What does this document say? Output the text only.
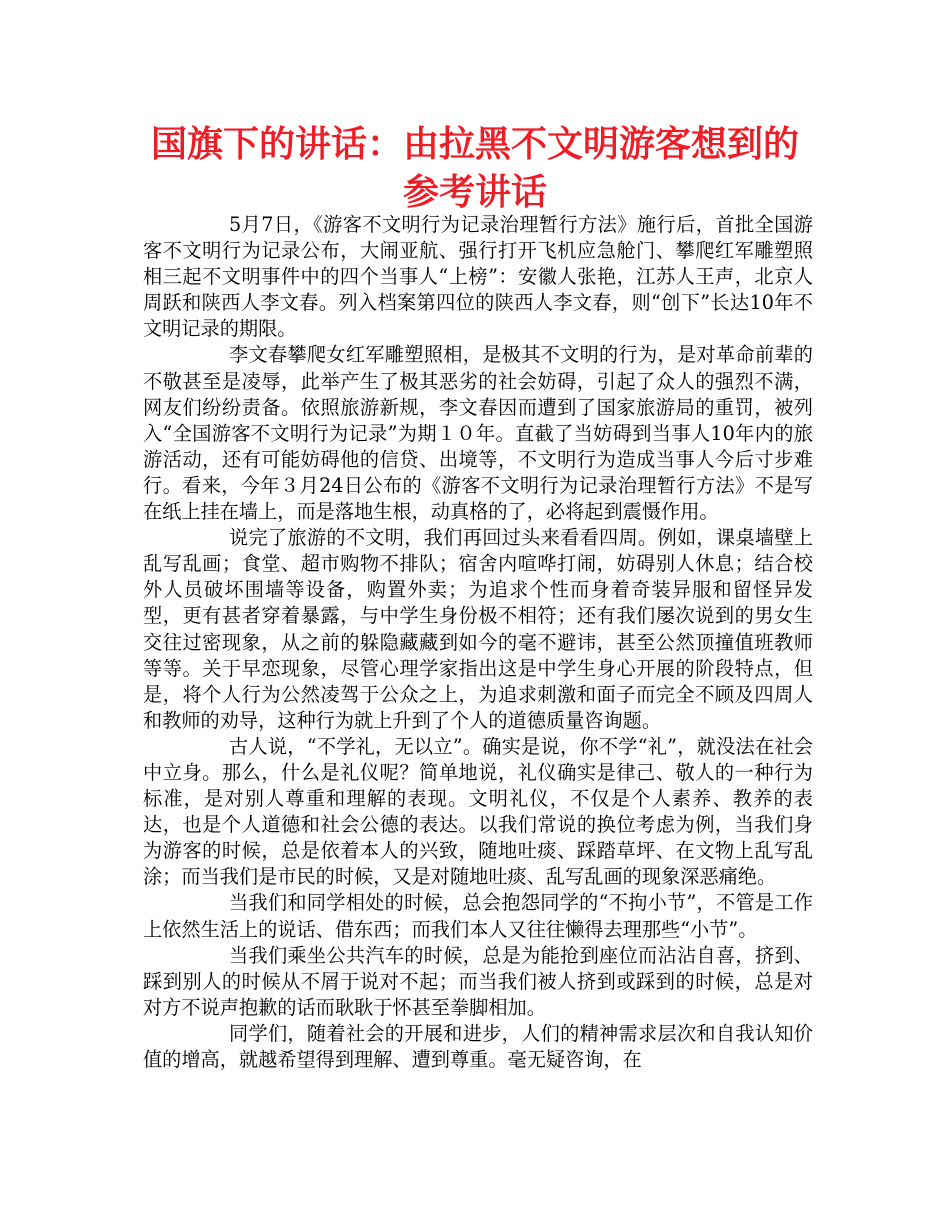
国旗下的讲话：由拉黑不文明游客想到的
参考讲话

5月7日，《游客不文明行为记录治理暂行方法》施行后，首批全国游客不文明行为记录公布，大闹亚航、强行打开飞机应急舱门、攀爬红军雕塑照相三起不文明事件中的四个当事人“上榜”：安徽人张艳，江苏人王声，北京人周跃和陕西人李文春。列入档案第四位的陕西人李文春，则“创下”长达10年不文明记录的期限。

李文春攀爬女红军雕塑照相，是极其不文明的行为，是对革命前辈的不敬甚至是凌辱，此举产生了极其恶劣的社会妨碍，引起了众人的强烈不满，网友们纷纷责备。依照旅游新规，李文春因而遭到了国家旅游局的重罚，被列入“全国游客不文明行为记录”为期１０年。直截了当妨碍到当事人10年内的旅游活动，还有可能妨碍他的信贷、出境等，不文明行为造成当事人今后寸步难行。看来，今年３月24日公布的《游客不文明行为记录治理暂行方法》不是写在纸上挂在墙上，而是落地生根，动真格的了，必将起到震慑作用。

说完了旅游的不文明，我们再回过头来看看四周。例如，课桌墙壁上乱写乱画；食堂、超市购物不排队；宿舍内喧哗打闹，妨碍别人休息；结合校外人员破坏围墙等设备，购置外卖；为追求个性而身着奇装异服和留怪异发型，更有甚者穿着暴露，与中学生身份极不相符；还有我们屡次说到的男女生交往过密现象，从之前的躲隐藏藏到如今的毫不避讳，甚至公然顶撞值班教师等等。关于早恋现象，尽管心理学家指出这是中学生身心开展的阶段特点，但是，将个人行为公然凌驾于公众之上，为追求刺激和面子而完全不顾及四周人和教师的劝导，这种行为就上升到了个人的道德质量咨询题。

古人说，“不学礼，无以立”。确实是说，你不学“礼”，就没法在社会中立身。那么，什么是礼仪呢？简单地说，礼仪确实是律己、敬人的一种行为标准，是对别人尊重和理解的表现。文明礼仪，不仅是个人素养、教养的表达，也是个人道德和社会公德的表达。以我们常说的换位考虑为例，当我们身为游客的时候，总是依着本人的兴致，随地吐痰、踩踏草坪、在文物上乱写乱涂；而当我们是市民的时候，又是对随地吐痰、乱写乱画的现象深恶痛绝。

当我们和同学相处的时候，总会抱怨同学的“不拘小节”，不管是工作上依然生活上的说话、借东西；而我们本人又往往懒得去理那些“小节”。

当我们乘坐公共汽车的时候，总是为能抢到座位而沾沾自喜，挤到、踩到别人的时候从不屑于说对不起；而当我们被人挤到或踩到的时候，总是对对方不说声抱歉的话而耿耿于怀甚至拳脚相加。

同学们，随着社会的开展和进步，人们的精神需求层次和自我认知价值的增高，就越希望得到理解、遭到尊重。毫无疑咨询，在
